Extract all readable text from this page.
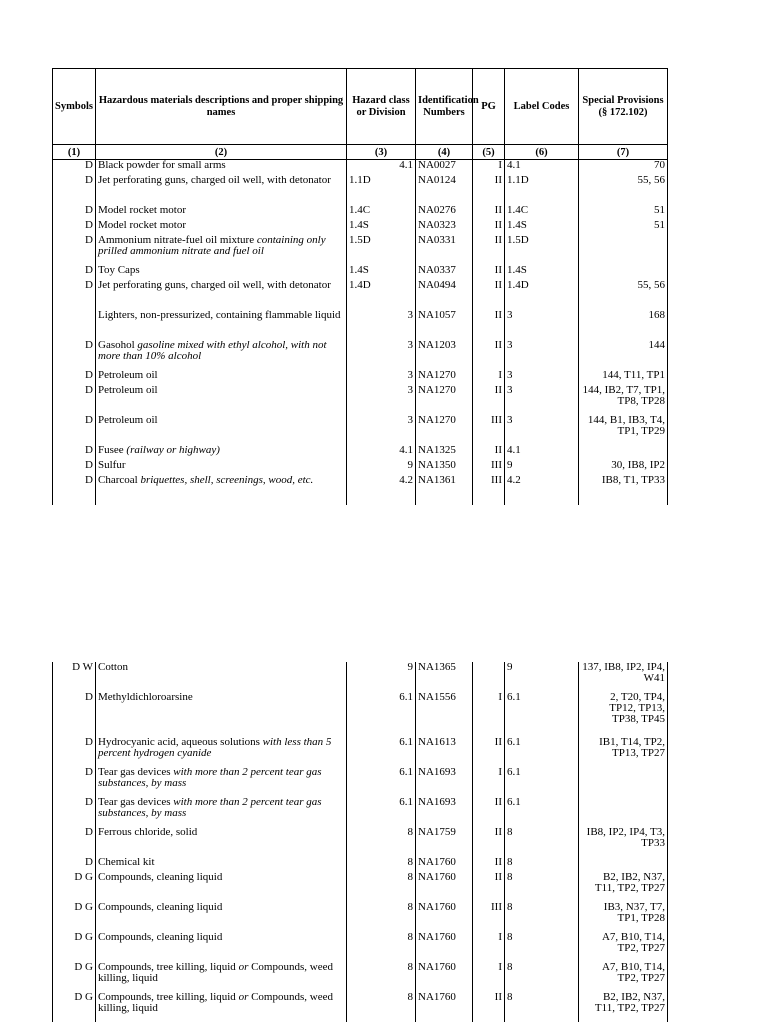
Symbols	Hazardous materials descriptions and proper shipping names	Hazard class or Division	Identification Numbers	PG	Label Codes	Special Provisions (§ 172.102)
(1)	(2)	(3)	(4)	(5)	(6)	(7)
D	Black powder for small arms	4.1	NA0027	I	4.1	70
D	Jet perforating guns, charged oil well, with detonator	1.1D	NA0124	II	1.1D	55, 56
D	Model rocket motor	1.4C	NA0276	II	1.4C	51
D	Model rocket motor	1.4S	NA0323	II	1.4S	51
D	Ammonium nitrate-fuel oil mixture containing only prilled ammonium nitrate and fuel oil	1.5D	NA0331	II	1.5D	
D	Toy Caps	1.4S	NA0337	II	1.4S	
D	Jet perforating guns, charged oil well, with detonator	1.4D	NA0494	II	1.4D	55, 56
	Lighters, non-pressurized, containing flammable liquid	3	NA1057	II	3	168
D	Gasohol gasoline mixed with ethyl alcohol, with not more than 10% alcohol	3	NA1203	II	3	144
D	Petroleum oil	3	NA1270	I	3	144, T11, TP1
D	Petroleum oil	3	NA1270	II	3	144, IB2, T7, TP1, TP8, TP28
D	Petroleum oil	3	NA1270	III	3	144, B1, IB3, T4, TP1, TP29
D	Fusee (railway or highway)	4.1	NA1325	II	4.1	
D	Sulfur	9	NA1350	III	9	30, IB8, IP2
D	Charcoal briquettes, shell, screenings, wood, etc.	4.2	NA1361	III	4.2	IB8, T1, TP33

D W	Cotton	9	NA1365		9	137, IB8, IP2, IP4, W41
D	Methyldichloroarsine	6.1	NA1556	I	6.1	2, T20, TP4, TP12, TP13, TP38, TP45
D	Hydrocyanic acid, aqueous solutions with less than 5 percent hydrogen cyanide	6.1	NA1613	II	6.1	IB1, T14, TP2, TP13, TP27
D	Tear gas devices with more than 2 percent tear gas substances, by mass	6.1	NA1693	I	6.1	
D	Tear gas devices with more than 2 percent tear gas substances, by mass	6.1	NA1693	II	6.1	
D	Ferrous chloride, solid	8	NA1759	II	8	IB8, IP2, IP4, T3, TP33
D	Chemical kit	8	NA1760	II	8	
D G	Compounds, cleaning liquid	8	NA1760	II	8	B2, IB2, N37, T11, TP2, TP27
D G	Compounds, cleaning liquid	8	NA1760	III	8	IB3, N37, T7, TP1, TP28
D G	Compounds, cleaning liquid	8	NA1760	I	8	A7, B10, T14, TP2, TP27
D G	Compounds, tree killing, liquid or Compounds, weed killing, liquid	8	NA1760	I	8	A7, B10, T14, TP2, TP27
D G	Compounds, tree killing, liquid or Compounds, weed killing, liquid	8	NA1760	II	8	B2, IB2, N37, T11, TP2, TP27
